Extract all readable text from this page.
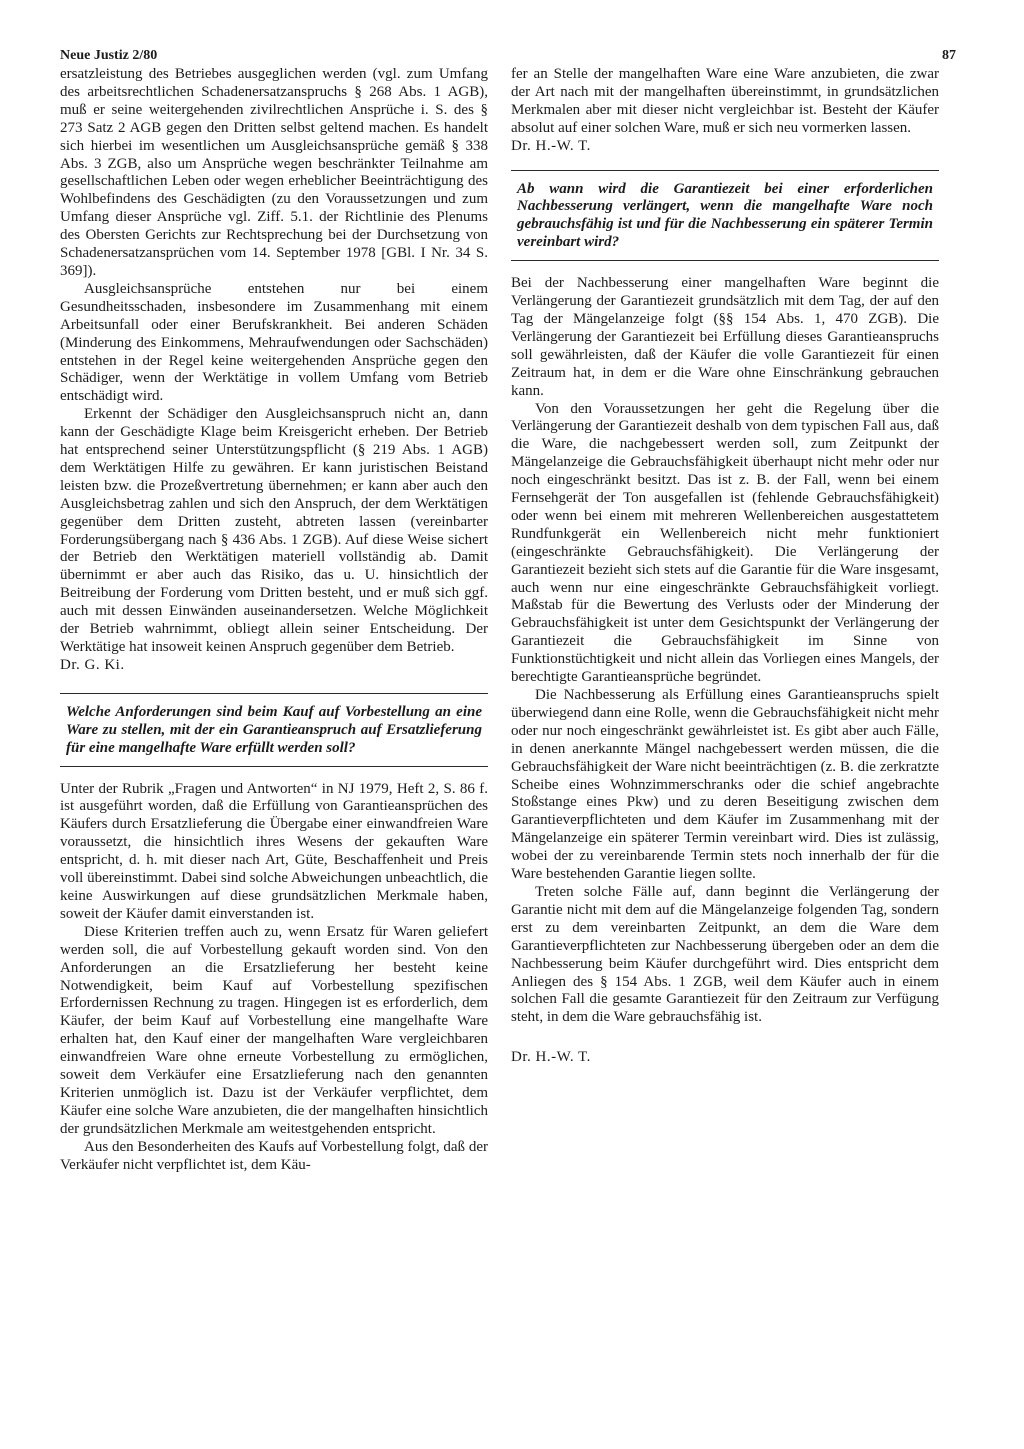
Neue Justiz 2/80	87

ersatzleistung des Betriebes ausgeglichen werden (vgl. zum Umfang des arbeitsrechtlichen Schadenersatzanspruchs § 268 Abs. 1 AGB), muß er seine weitergehenden zivilrechtlichen Ansprüche i. S. des § 273 Satz 2 AGB gegen den Dritten selbst geltend machen. Es handelt sich hierbei im wesentlichen um Ausgleichsansprüche gemäß § 338 Abs. 3 ZGB, also um Ansprüche wegen beschränkter Teilnahme am gesellschaftlichen Leben oder wegen erheblicher Beeinträchtigung des Wohlbefindens des Geschädigten (zu den Voraussetzungen und zum Umfang dieser Ansprüche vgl. Ziff. 5.1. der Richtlinie des Plenums des Obersten Gerichts zur Rechtsprechung bei der Durchsetzung von Schadenersatzansprüchen vom 14. September 1978 [GBl. I Nr. 34 S. 369]).

Ausgleichsansprüche entstehen nur bei einem Gesundheitsschaden, insbesondere im Zusammenhang mit einem Arbeitsunfall oder einer Berufskrankheit. Bei anderen Schäden (Minderung des Einkommens, Mehraufwendungen oder Sachschäden) entstehen in der Regel keine weitergehenden Ansprüche gegen den Schädiger, wenn der Werktätige in vollem Umfang vom Betrieb entschädigt wird.

Erkennt der Schädiger den Ausgleichsanspruch nicht an, dann kann der Geschädigte Klage beim Kreisgericht erheben. Der Betrieb hat entsprechend seiner Unterstützungspflicht (§ 219 Abs. 1 AGB) dem Werktätigen Hilfe zu gewähren. Er kann juristischen Beistand leisten bzw. die Prozeßvertretung übernehmen; er kann aber auch den Ausgleichsbetrag zahlen und sich den Anspruch, der dem Werktätigen gegenüber dem Dritten zusteht, abtreten lassen (vereinbarter Forderungsübergang nach § 436 Abs. 1 ZGB). Auf diese Weise sichert der Betrieb den Werktätigen materiell vollständig ab. Damit übernimmt er aber auch das Risiko, das u. U. hinsichtlich der Beitreibung der Forderung vom Dritten besteht, und er muß sich ggf. auch mit dessen Einwänden auseinandersetzen. Welche Möglichkeit der Betrieb wahrnimmt, obliegt allein seiner Entscheidung. Der Werktätige hat insoweit keinen Anspruch gegenüber dem Betrieb.

Dr. G. Ki.

Welche Anforderungen sind beim Kauf auf Vorbestellung an eine Ware zu stellen, mit der ein Garantieanspruch auf Ersatzlieferung für eine mangelhafte Ware erfüllt werden soll?

Unter der Rubrik „Fragen und Antworten“ in NJ 1979, Heft 2, S. 86 f. ist ausgeführt worden, daß die Erfüllung von Garantieansprüchen des Käufers durch Ersatzlieferung die Übergabe einer einwandfreien Ware voraussetzt, die hinsichtlich ihres Wesens der gekauften Ware entspricht, d. h. mit dieser nach Art, Güte, Beschaffenheit und Preis voll übereinstimmt. Dabei sind solche Abweichungen unbeachtlich, die keine Auswirkungen auf diese grundsätzlichen Merkmale haben, soweit der Käufer damit einverstanden ist.

Diese Kriterien treffen auch zu, wenn Ersatz für Waren geliefert werden soll, die auf Vorbestellung gekauft worden sind. Von den Anforderungen an die Ersatzlieferung her besteht keine Notwendigkeit, beim Kauf auf Vorbestellung spezifischen Erfordernissen Rechnung zu tragen. Hingegen ist es erforderlich, dem Käufer, der beim Kauf auf Vorbestellung eine mangelhafte Ware erhalten hat, den Kauf einer der mangelhaften Ware vergleichbaren einwandfreien Ware ohne erneute Vorbestellung zu ermöglichen, soweit dem Verkäufer eine Ersatzlieferung nach den genannten Kriterien unmöglich ist. Dazu ist der Verkäufer verpflichtet, dem Käufer eine solche Ware anzubieten, die der mangelhaften hinsichtlich der grundsätzlichen Merkmale am weitestgehenden entspricht.

Aus den Besonderheiten des Kaufs auf Vorbestellung folgt, daß der Verkäufer nicht verpflichtet ist, dem Käu-

fer an Stelle der mangelhaften Ware eine Ware anzubieten, die zwar der Art nach mit der mangelhaften übereinstimmt, in grundsätzlichen Merkmalen aber mit dieser nicht vergleichbar ist. Besteht der Käufer absolut auf einer solchen Ware, muß er sich neu vormerken lassen.

Dr. H.-W. T.

Ab wann wird die Garantiezeit bei einer erforderlichen Nachbesserung verlängert, wenn die mangelhafte Ware noch gebrauchsfähig ist und für die Nachbesserung ein späterer Termin vereinbart wird?

Bei der Nachbesserung einer mangelhaften Ware beginnt die Verlängerung der Garantiezeit grundsätzlich mit dem Tag, der auf den Tag der Mängelanzeige folgt (§§ 154 Abs. 1, 470 ZGB). Die Verlängerung der Garantiezeit bei Erfüllung dieses Garantieanspruchs soll gewährleisten, daß der Käufer die volle Garantiezeit für einen Zeitraum hat, in dem er die Ware ohne Einschränkung gebrauchen kann.

Von den Voraussetzungen her geht die Regelung über die Verlängerung der Garantiezeit deshalb von dem typischen Fall aus, daß die Ware, die nachgebessert werden soll, zum Zeitpunkt der Mängelanzeige die Gebrauchsfähigkeit überhaupt nicht mehr oder nur noch eingeschränkt besitzt. Das ist z. B. der Fall, wenn bei einem Fernsehgerät der Ton ausgefallen ist (fehlende Gebrauchsfähigkeit) oder wenn bei einem mit mehreren Wellenbereichen ausgestattetem Rundfunkgerät ein Wellenbereich nicht mehr funktioniert (eingeschränkte Gebrauchsfähigkeit). Die Verlängerung der Garantiezeit bezieht sich stets auf die Garantie für die Ware insgesamt, auch wenn nur eine eingeschränkte Gebrauchsfähigkeit vorliegt. Maßstab für die Bewertung des Verlusts oder der Minderung der Gebrauchsfähigkeit ist unter dem Gesichtspunkt der Verlängerung der Garantiezeit die Gebrauchsfähigkeit im Sinne von Funktionstüchtigkeit und nicht allein das Vorliegen eines Mangels, der berechtigte Garantieansprüche begründet.

Die Nachbesserung als Erfüllung eines Garantieanspruchs spielt überwiegend dann eine Rolle, wenn die Gebrauchsfähigkeit nicht mehr oder nur noch eingeschränkt gewährleistet ist. Es gibt aber auch Fälle, in denen anerkannte Mängel nachgebessert werden müssen, die die Gebrauchsfähigkeit der Ware nicht beeinträchtigen (z. B. die zerkratzte Scheibe eines Wohnzimmerschranks oder die schief angebrachte Stoßstange eines Pkw) und zu deren Beseitigung zwischen dem Garantieverpflichteten und dem Käufer im Zusammenhang mit der Mängelanzeige ein späterer Termin vereinbart wird. Dies ist zulässig, wobei der zu vereinbarende Termin stets noch innerhalb der für die Ware bestehenden Garantie liegen sollte.

Treten solche Fälle auf, dann beginnt die Verlängerung der Garantie nicht mit dem auf die Mängelanzeige folgenden Tag, sondern erst zu dem vereinbarten Zeitpunkt, an dem die Ware dem Garantieverpflichteten zur Nachbesserung übergeben oder an dem die Nachbesserung beim Käufer durchgeführt wird. Dies entspricht dem Anliegen des § 154 Abs. 1 ZGB, weil dem Käufer auch in einem solchen Fall die gesamte Garantiezeit für den Zeitraum zur Verfügung steht, in dem die Ware gebrauchsfähig ist.

Dr. H.-W. T.
